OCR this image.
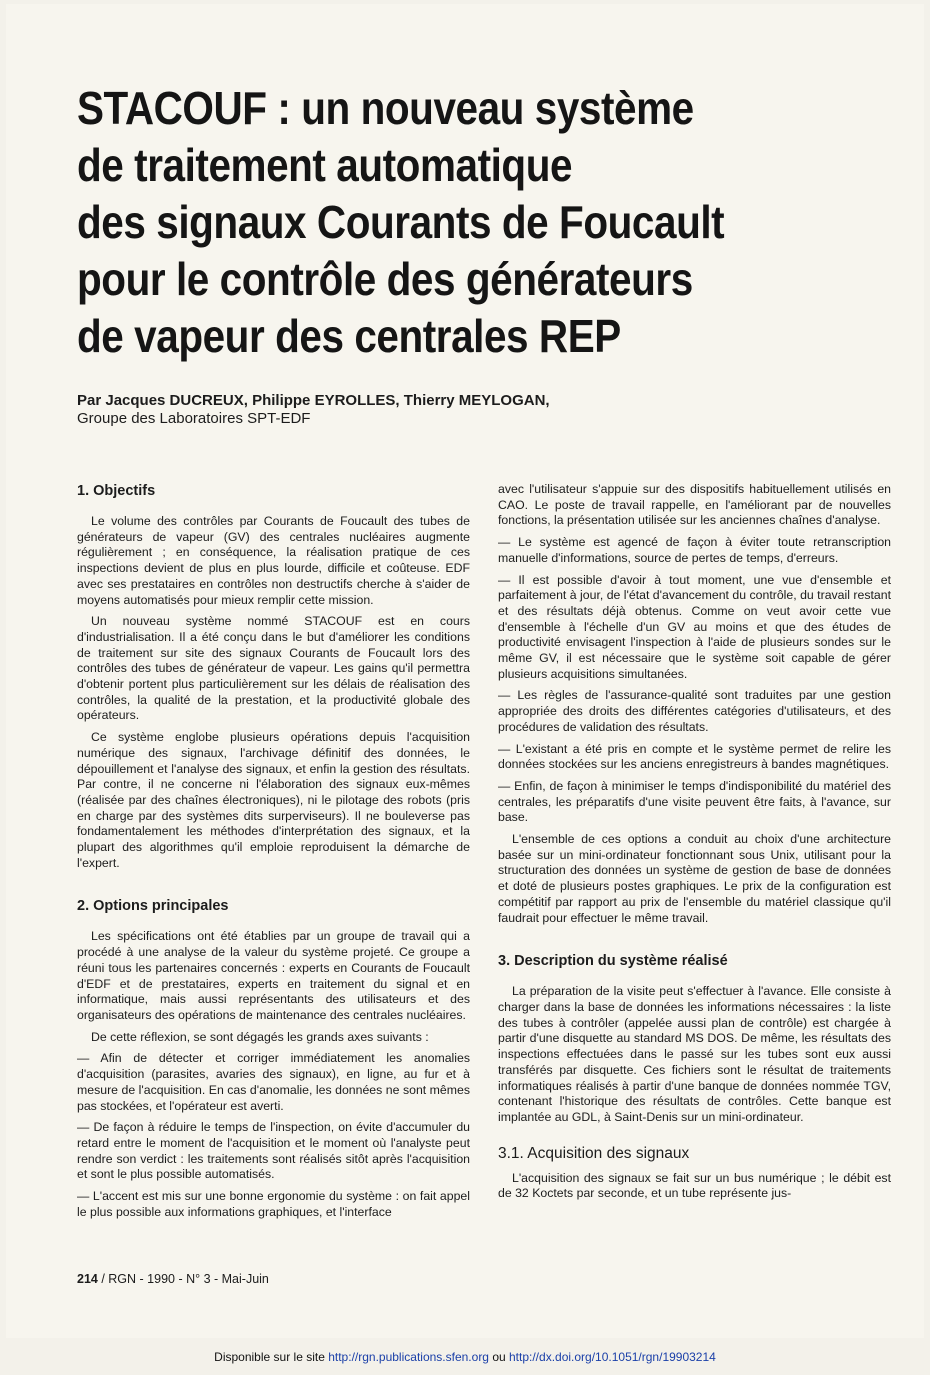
STACOUF : un nouveau système
de traitement automatique
des signaux Courants de Foucault
pour le contrôle des générateurs
de vapeur des centrales REP
Par Jacques DUCREUX, Philippe EYROLLES, Thierry MEYLOGAN,
Groupe des Laboratoires SPT-EDF
1. Objectifs

Le volume des contrôles par Courants de Foucault des tubes de générateurs de vapeur (GV) des centrales nucléaires augmente régulièrement ; en conséquence, la réalisation pratique de ces inspections devient de plus en plus lourde, difficile et coûteuse. EDF avec ses prestataires en contrôles non destructifs cherche à s'aider de moyens automatisés pour mieux remplir cette mission.

Un nouveau système nommé STACOUF est en cours d'industrialisation. Il a été conçu dans le but d'améliorer les conditions de traitement sur site des signaux Courants de Foucault lors des contrôles des tubes de générateur de vapeur. Les gains qu'il permettra d'obtenir portent plus particulièrement sur les délais de réalisation des contrôles, la qualité de la prestation, et la productivité globale des opérateurs.

Ce système englobe plusieurs opérations depuis l'acquisition numérique des signaux, l'archivage définitif des données, le dépouillement et l'analyse des signaux, et enfin la gestion des résultats. Par contre, il ne concerne ni l'élaboration des signaux eux-mêmes (réalisée par des chaînes électroniques), ni le pilotage des robots (pris en charge par des systèmes dits surperviseurs). Il ne bouleverse pas fondamentalement les méthodes d'interprétation des signaux, et la plupart des algorithmes qu'il emploie reproduisent la démarche de l'expert.

2. Options principales

Les spécifications ont été établies par un groupe de travail qui a procédé à une analyse de la valeur du système projeté. Ce groupe a réuni tous les partenaires concernés : experts en Courants de Foucault d'EDF et de prestataires, experts en traitement du signal et en informatique, mais aussi représentants des utilisateurs et des organisateurs des opérations de maintenance des centrales nucléaires.

De cette réflexion, se sont dégagés les grands axes suivants :

— Afin de détecter et corriger immédiatement les anomalies d'acquisition (parasites, avaries des signaux), en ligne, au fur et à mesure de l'acquisition. En cas d'anomalie, les données ne sont mêmes pas stockées, et l'opérateur est averti.

— De façon à réduire le temps de l'inspection, on évite d'accumuler du retard entre le moment de l'acquisition et le moment où l'analyste peut rendre son verdict : les traitements sont réalisés sitôt après l'acquisition et sont le plus possible automatisés.

— L'accent est mis sur une bonne ergonomie du système : on fait appel le plus possible aux informations graphiques, et l'interface

avec l'utilisateur s'appuie sur des dispositifs habituellement utilisés en CAO. Le poste de travail rappelle, en l'améliorant par de nouvelles fonctions, la présentation utilisée sur les anciennes chaînes d'analyse.

— Le système est agencé de façon à éviter toute retranscription manuelle d'informations, source de pertes de temps, d'erreurs.

— Il est possible d'avoir à tout moment, une vue d'ensemble et parfaitement à jour, de l'état d'avancement du contrôle, du travail restant et des résultats déjà obtenus. Comme on veut avoir cette vue d'ensemble à l'échelle d'un GV au moins et que des études de productivité envisagent l'inspection à l'aide de plusieurs sondes sur le même GV, il est nécessaire que le système soit capable de gérer plusieurs acquisitions simultanées.

— Les règles de l'assurance-qualité sont traduites par une gestion appropriée des droits des différentes catégories d'utilisateurs, et des procédures de validation des résultats.

— L'existant a été pris en compte et le système permet de relire les données stockées sur les anciens enregistreurs à bandes magnétiques.

— Enfin, de façon à minimiser le temps d'indisponibilité du matériel des centrales, les préparatifs d'une visite peuvent être faits, à l'avance, sur base.

L'ensemble de ces options a conduit au choix d'une architecture basée sur un mini-ordinateur fonctionnant sous Unix, utilisant pour la structuration des données un système de gestion de base de données et doté de plusieurs postes graphiques. Le prix de la configuration est compétitif par rapport au prix de l'ensemble du matériel classique qu'il faudrait pour effectuer le même travail.

3. Description du système réalisé

La préparation de la visite peut s'effectuer à l'avance. Elle consiste à charger dans la base de données les informations nécessaires : la liste des tubes à contrôler (appelée aussi plan de contrôle) est chargée à partir d'une disquette au standard MS DOS. De même, les résultats des inspections effectuées dans le passé sur les tubes sont eux aussi transférés par disquette. Ces fichiers sont le résultat de traitements informatiques réalisés à partir d'une banque de données nommée TGV, contenant l'historique des résultats de contrôles. Cette banque est implantée au GDL, à Saint-Denis sur un mini-ordinateur.

3.1. Acquisition des signaux

L'acquisition des signaux se fait sur un bus numérique ; le débit est de 32 Koctets par seconde, et un tube représente jus-

214 / RGN - 1990 - N° 3 - Mai-Juin
Disponible sur le site http://rgn.publications.sfen.org ou http://dx.doi.org/10.1051/rgn/19903214
